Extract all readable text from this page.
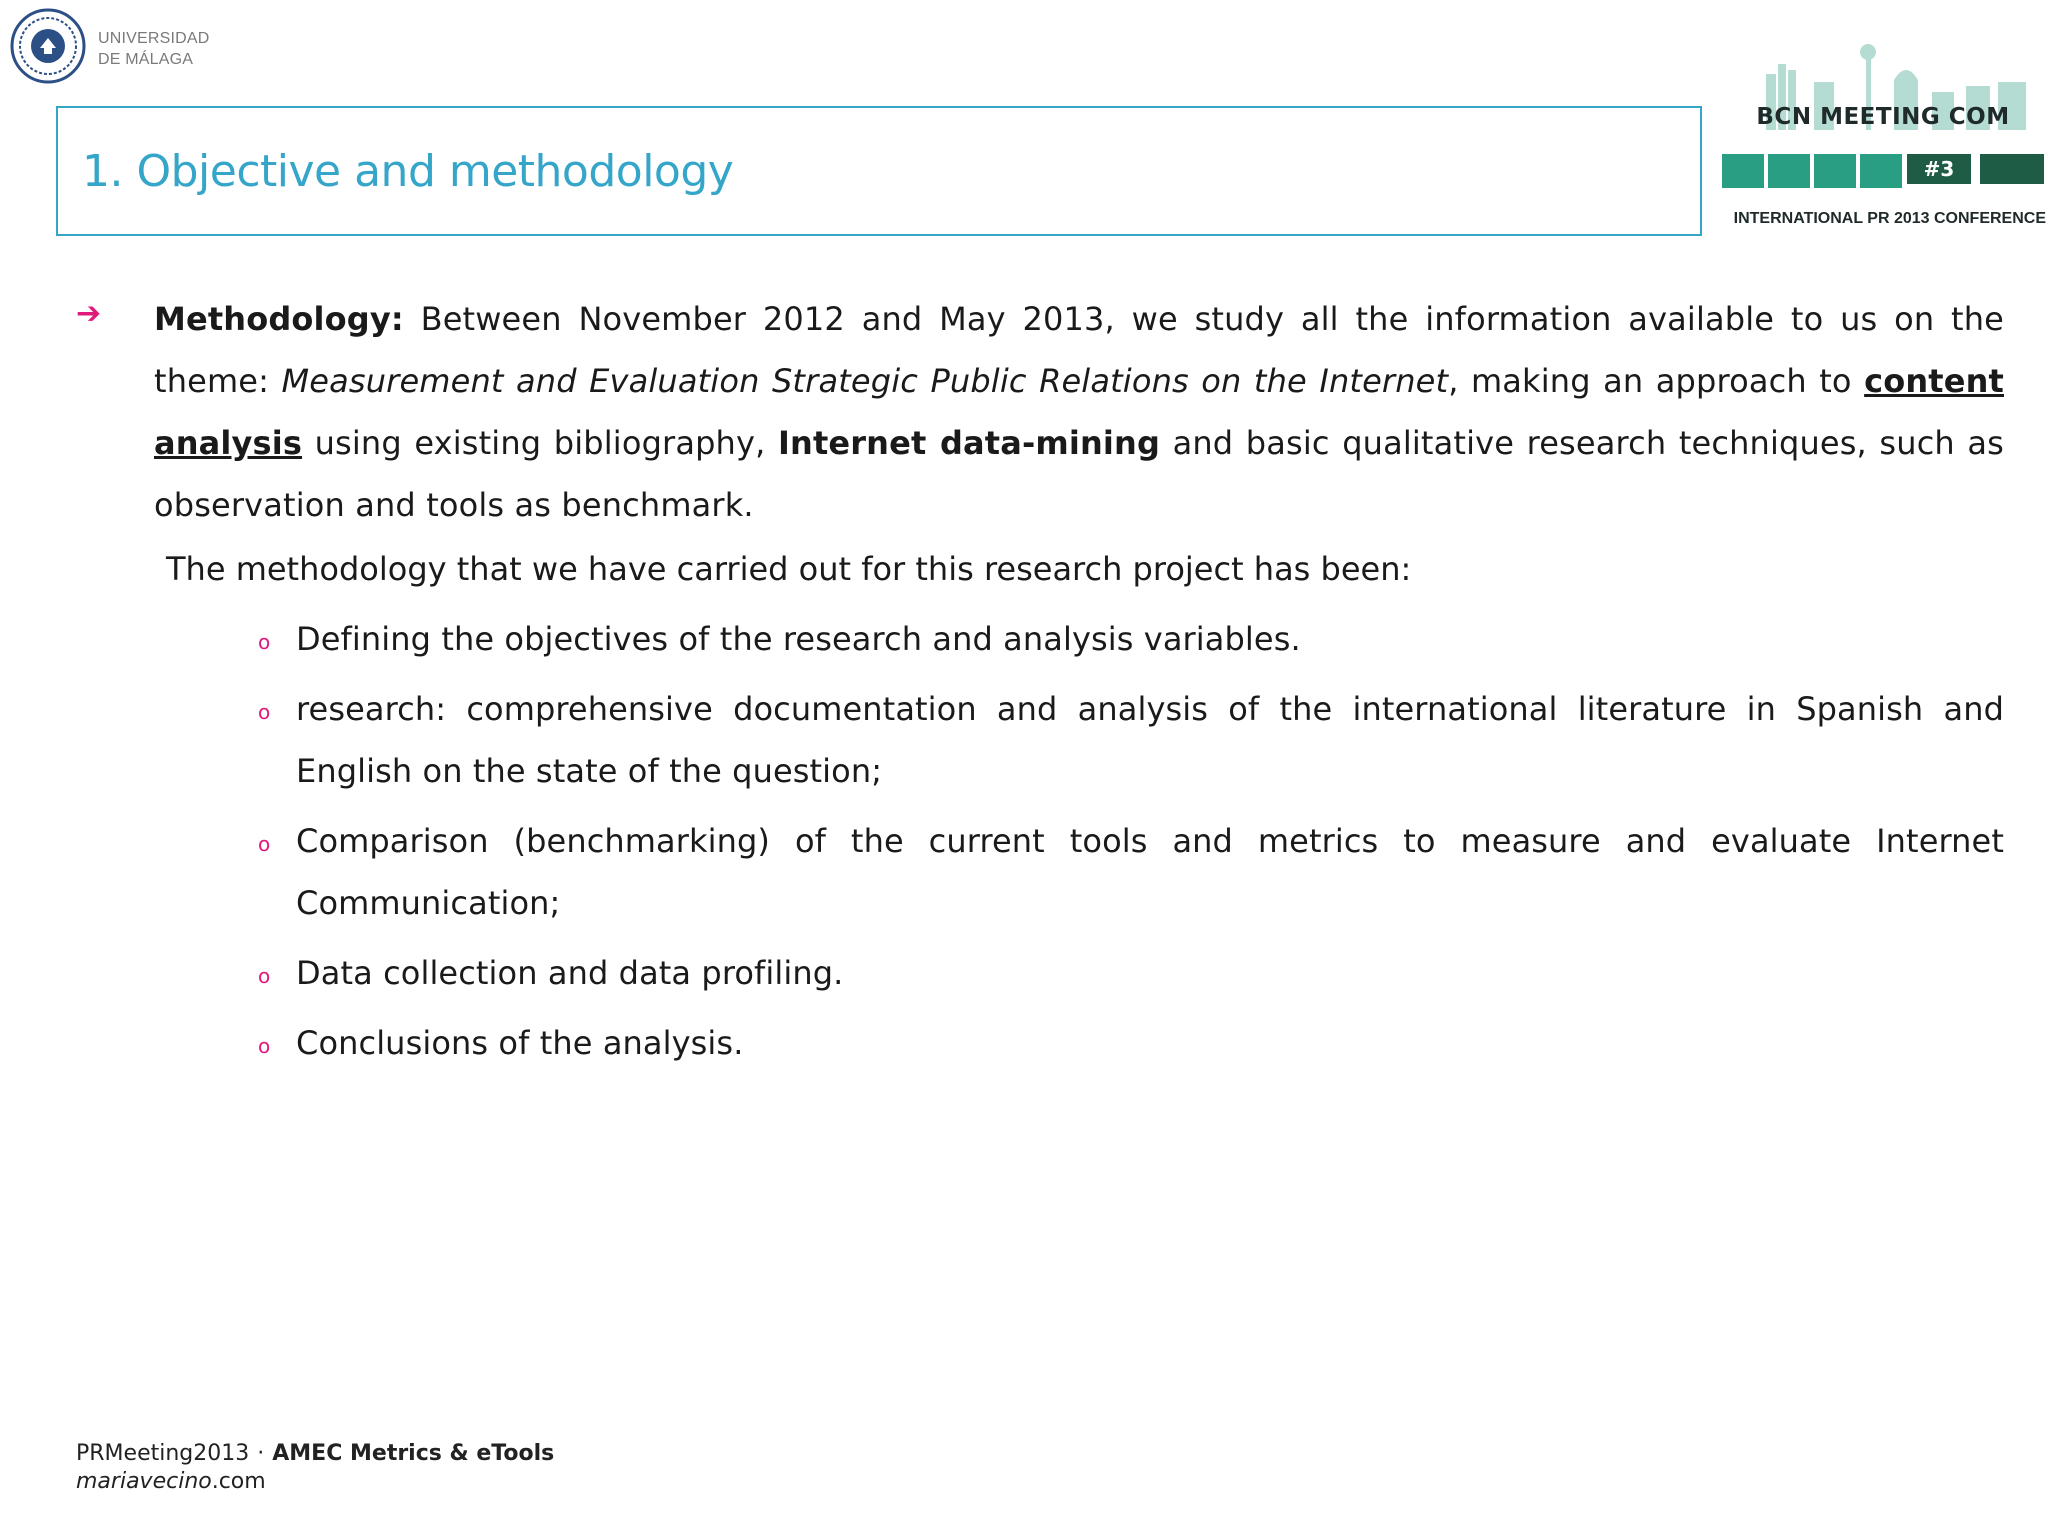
UNIVERSIDAD
DE MÁLAGA
1. Objective and methodology
BCN MEETING COM
#3
INTERNATIONAL PR 2013 CONFERENCE
➔ Methodology: Between November 2012 and May 2013, we study all the information available to us on the theme: Measurement and Evaluation Strategic Public Relations on the Internet, making an approach to content analysis using existing bibliography, Internet data-mining and basic qualitative research techniques, such as observation and tools as benchmark.
The methodology that we have carried out for this research project has been:
o Defining the objectives of the research and analysis variables.
o research: comprehensive documentation and analysis of the international literature in Spanish and English on the state of the question;
o Comparison (benchmarking) of the current tools and metrics to measure and evaluate Internet Communication;
o Data collection and data profiling.
o Conclusions of the analysis.
PRMeeting2013 · AMEC Metrics & eTools
mariavecino.com
